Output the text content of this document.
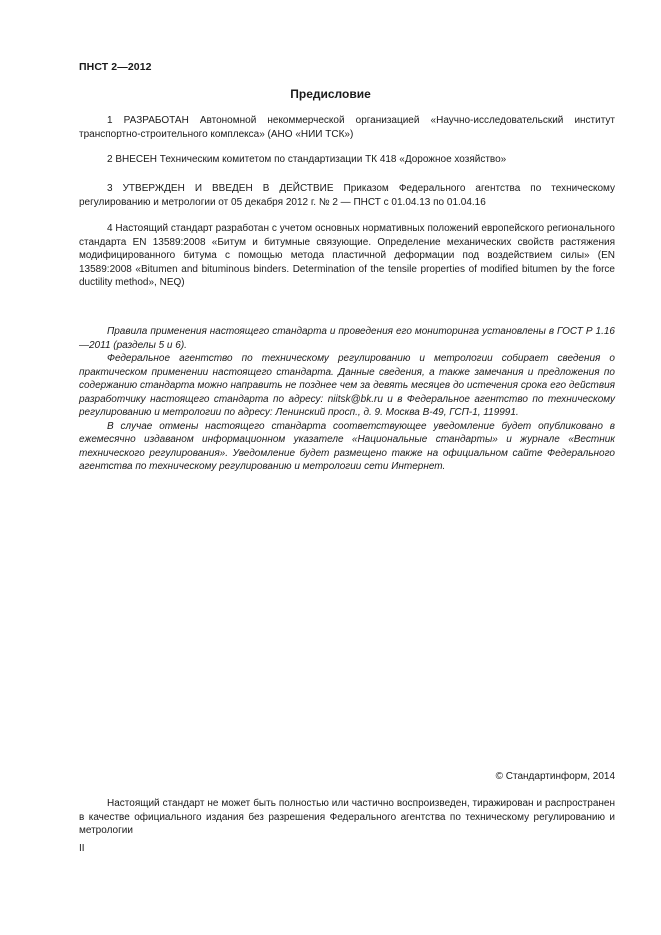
ПНСТ 2—2012
Предисловие

1 РАЗРАБОТАН Автономной некоммерческой организацией «Научно-исследовательский институт транспортно-строительного комплекса» (АНО «НИИ ТСК»)

2 ВНЕСЕН Техническим комитетом по стандартизации ТК 418 «Дорожное хозяйство»

3 УТВЕРЖДЕН И ВВЕДЕН В ДЕЙСТВИЕ Приказом Федерального агентства по техническому регулированию и метрологии от 05 декабря 2012 г. № 2 — ПНСТ с 01.04.13 по 01.04.16

4 Настоящий стандарт разработан с учетом основных нормативных положений европейского регионального стандарта EN 13589:2008 «Битум и битумные связующие. Определение механических свойств растяжения модифицированного битума с помощью метода пластичной деформации под воздействием силы» (EN 13589:2008 «Bitumen and bituminous binders. Determination of the tensile properties of modified bitumen by the force ductility method», NEQ)

Правила применения настоящего стандарта и проведения его мониторинга установлены в ГОСТ Р 1.16—2011 (разделы 5 и 6).

Федеральное агентство по техническому регулированию и метрологии собирает сведения о практическом применении настоящего стандарта. Данные сведения, а также замечания и предложения по содержанию стандарта можно направить не позднее чем за девять месяцев до истечения срока его действия разработчику настоящего стандарта по адресу: niitsk@bk.ru и в Федеральное агентство по техническому регулированию и метрологии по адресу: Ленинский просп., д. 9. Москва В-49, ГСП-1, 119991.

В случае отмены настоящего стандарта соответствующее уведомление будет опубликовано в ежемесячно издаваном информационном указателе «Национальные стандарты» и журнале «Вестник технического регулирования». Уведомление будет размещено также на официальном сайте Федерального агентства по техническому регулированию и метрологии сети Интернет.

© Стандартинформ, 2014

Настоящий стандарт не может быть полностью или частично воспроизведен, тиражирован и распространен в качестве официального издания без разрешения Федерального агентства по техническому регулированию и метрологии

II
